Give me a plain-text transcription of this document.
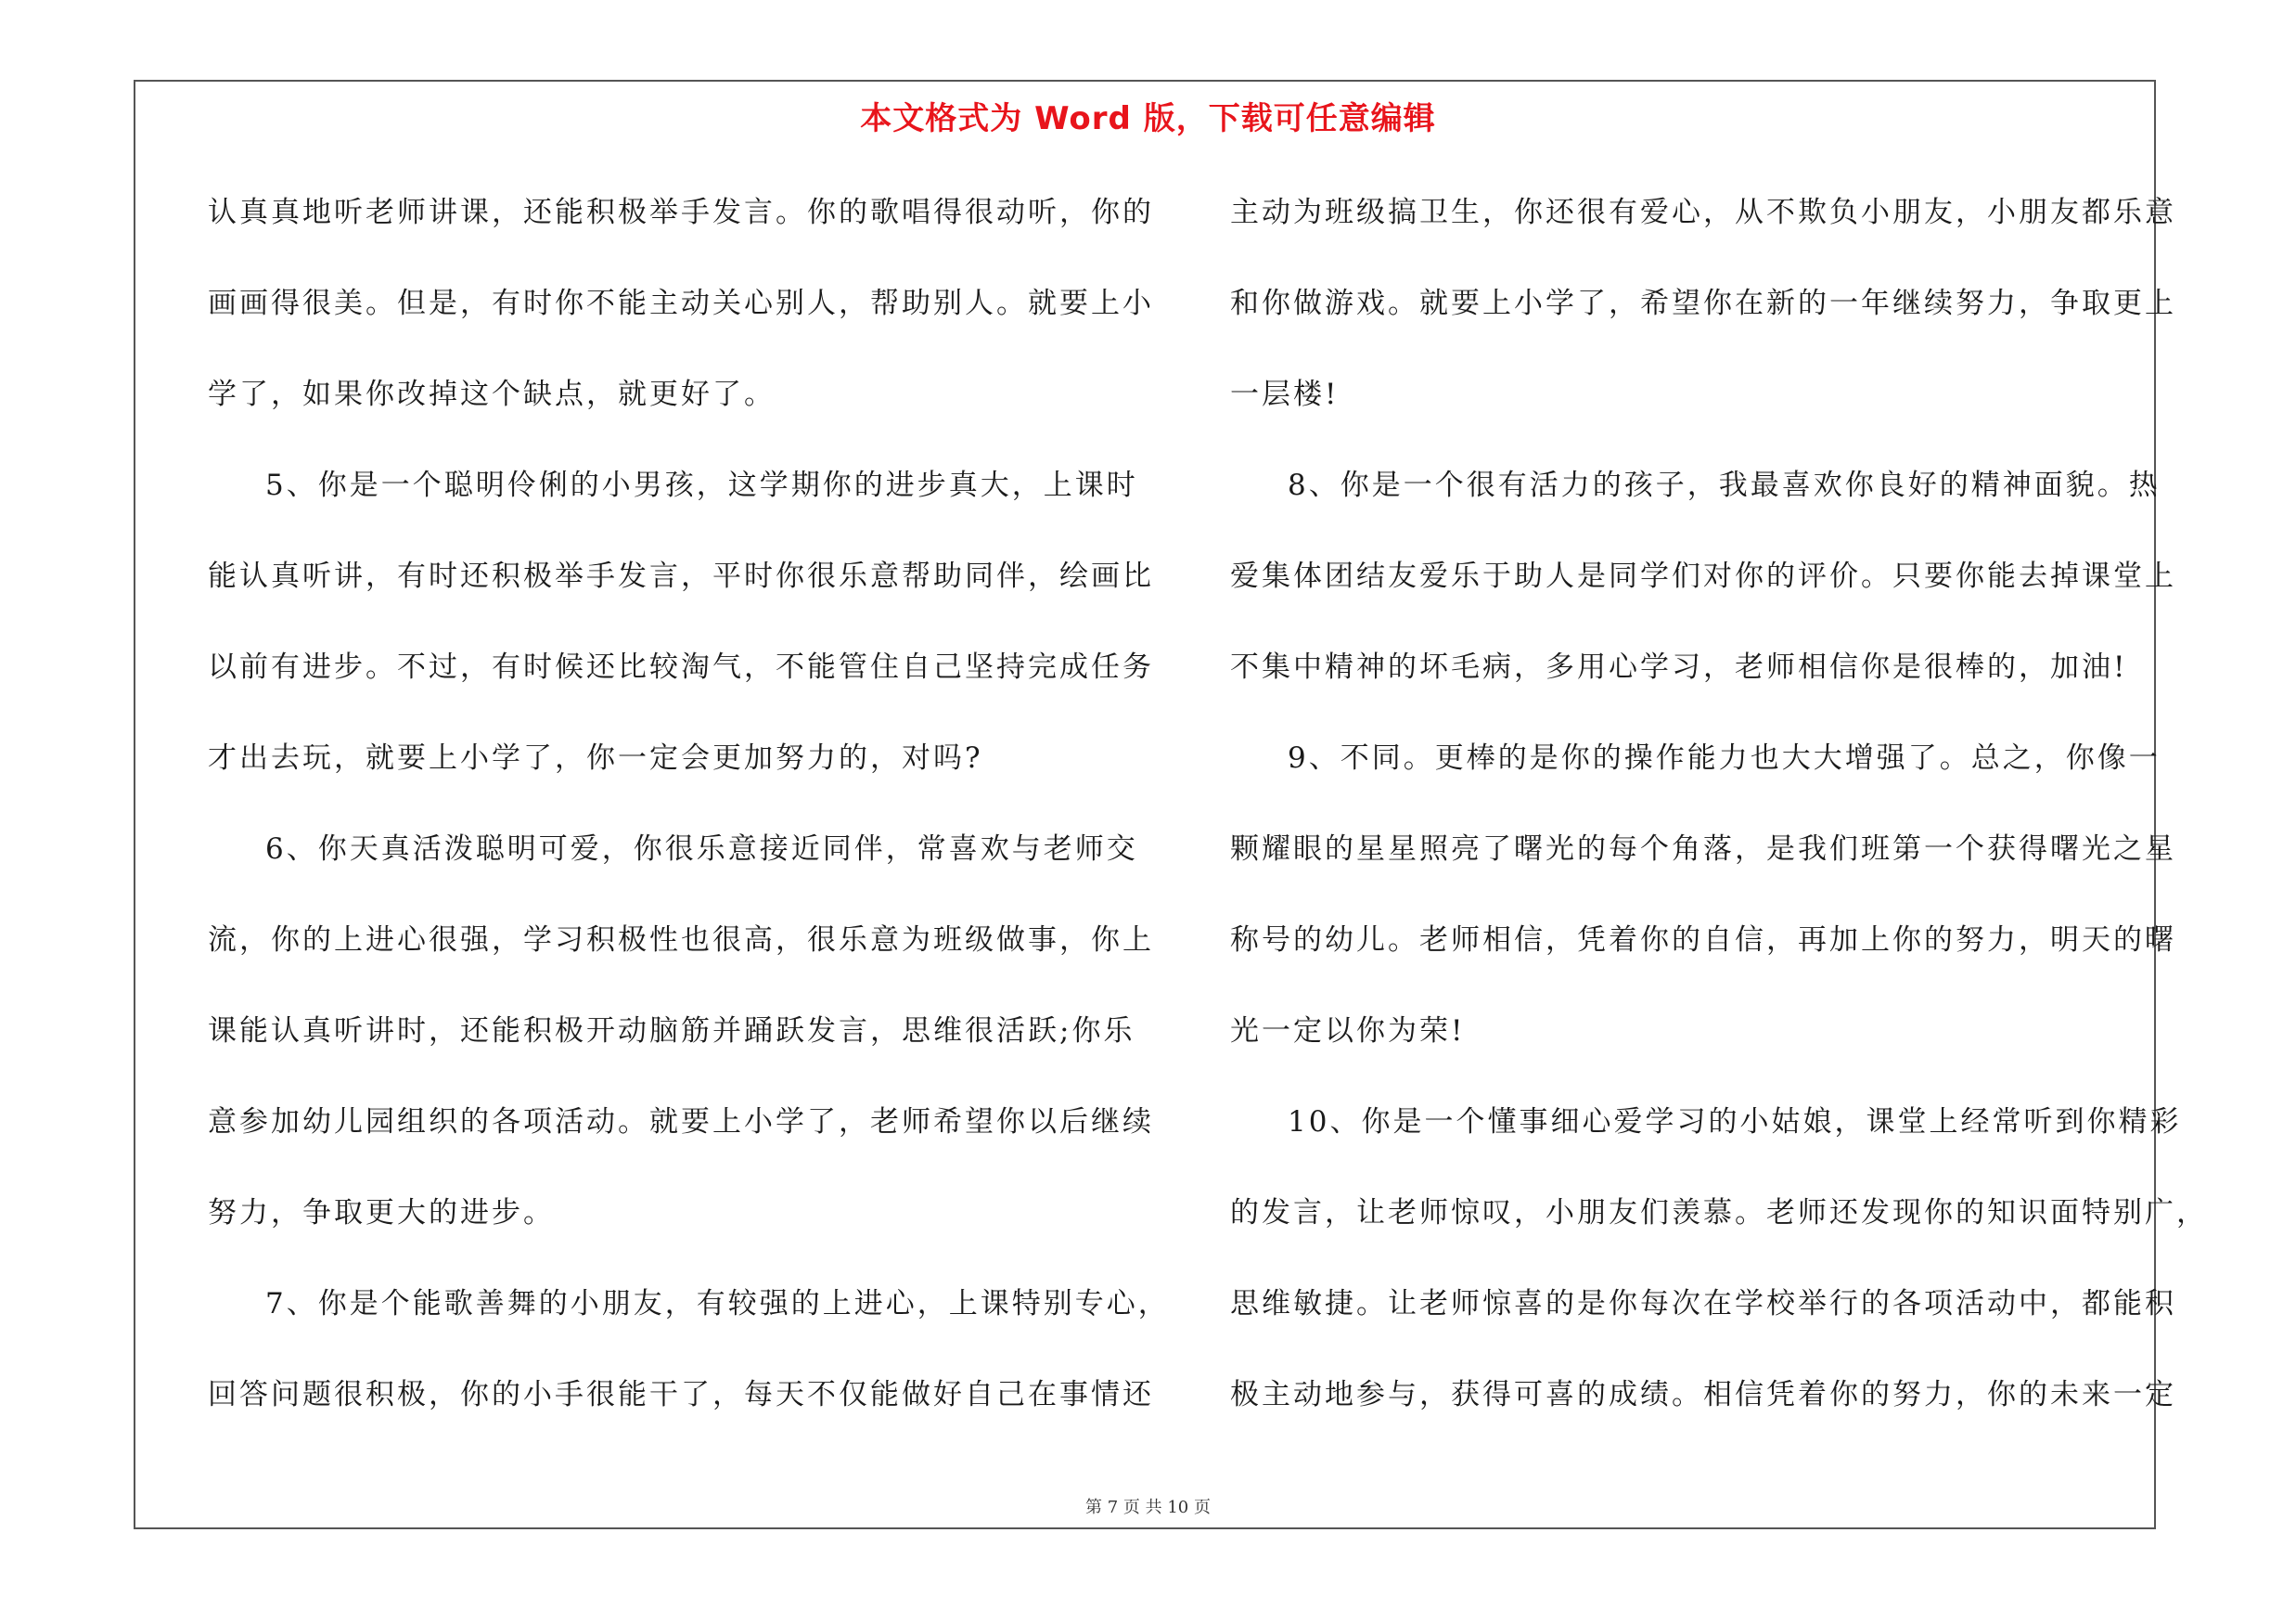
本文格式为 Word 版，下载可任意编辑
认真真地听老师讲课，还能积极举手发言。你的歌唱得很动听，你的
画画得很美。但是，有时你不能主动关心别人，帮助别人。就要上小
学了，如果你改掉这个缺点，就更好了。
5、你是一个聪明伶俐的小男孩，这学期你的进步真大，上课时
能认真听讲，有时还积极举手发言，平时你很乐意帮助同伴，绘画比
以前有进步。不过，有时候还比较淘气，不能管住自己坚持完成任务
才出去玩，就要上小学了，你一定会更加努力的，对吗?
6、你天真活泼聪明可爱，你很乐意接近同伴，常喜欢与老师交
流，你的上进心很强，学习积极性也很高，很乐意为班级做事，你上
课能认真听讲时，还能积极开动脑筋并踊跃发言，思维很活跃;你乐
意参加幼儿园组织的各项活动。就要上小学了，老师希望你以后继续
努力，争取更大的进步。
7、你是个能歌善舞的小朋友，有较强的上进心，上课特别专心，
回答问题很积极，你的小手很能干了，每天不仅能做好自己在事情还
主动为班级搞卫生，你还很有爱心，从不欺负小朋友，小朋友都乐意
和你做游戏。就要上小学了，希望你在新的一年继续努力，争取更上
一层楼!
8、你是一个很有活力的孩子，我最喜欢你良好的精神面貌。热
爱集体团结友爱乐于助人是同学们对你的评价。只要你能去掉课堂上
不集中精神的坏毛病，多用心学习，老师相信你是很棒的，加油!
9、不同。更棒的是你的操作能力也大大增强了。总之，你像一
颗耀眼的星星照亮了曙光的每个角落，是我们班第一个获得曙光之星
称号的幼儿。老师相信，凭着你的自信，再加上你的努力，明天的曙
光一定以你为荣!
10、你是一个懂事细心爱学习的小姑娘，课堂上经常听到你精彩
的发言，让老师惊叹，小朋友们羡慕。老师还发现你的知识面特别广，
思维敏捷。让老师惊喜的是你每次在学校举行的各项活动中，都能积
极主动地参与，获得可喜的成绩。相信凭着你的努力，你的未来一定
第 7 页 共 10 页
